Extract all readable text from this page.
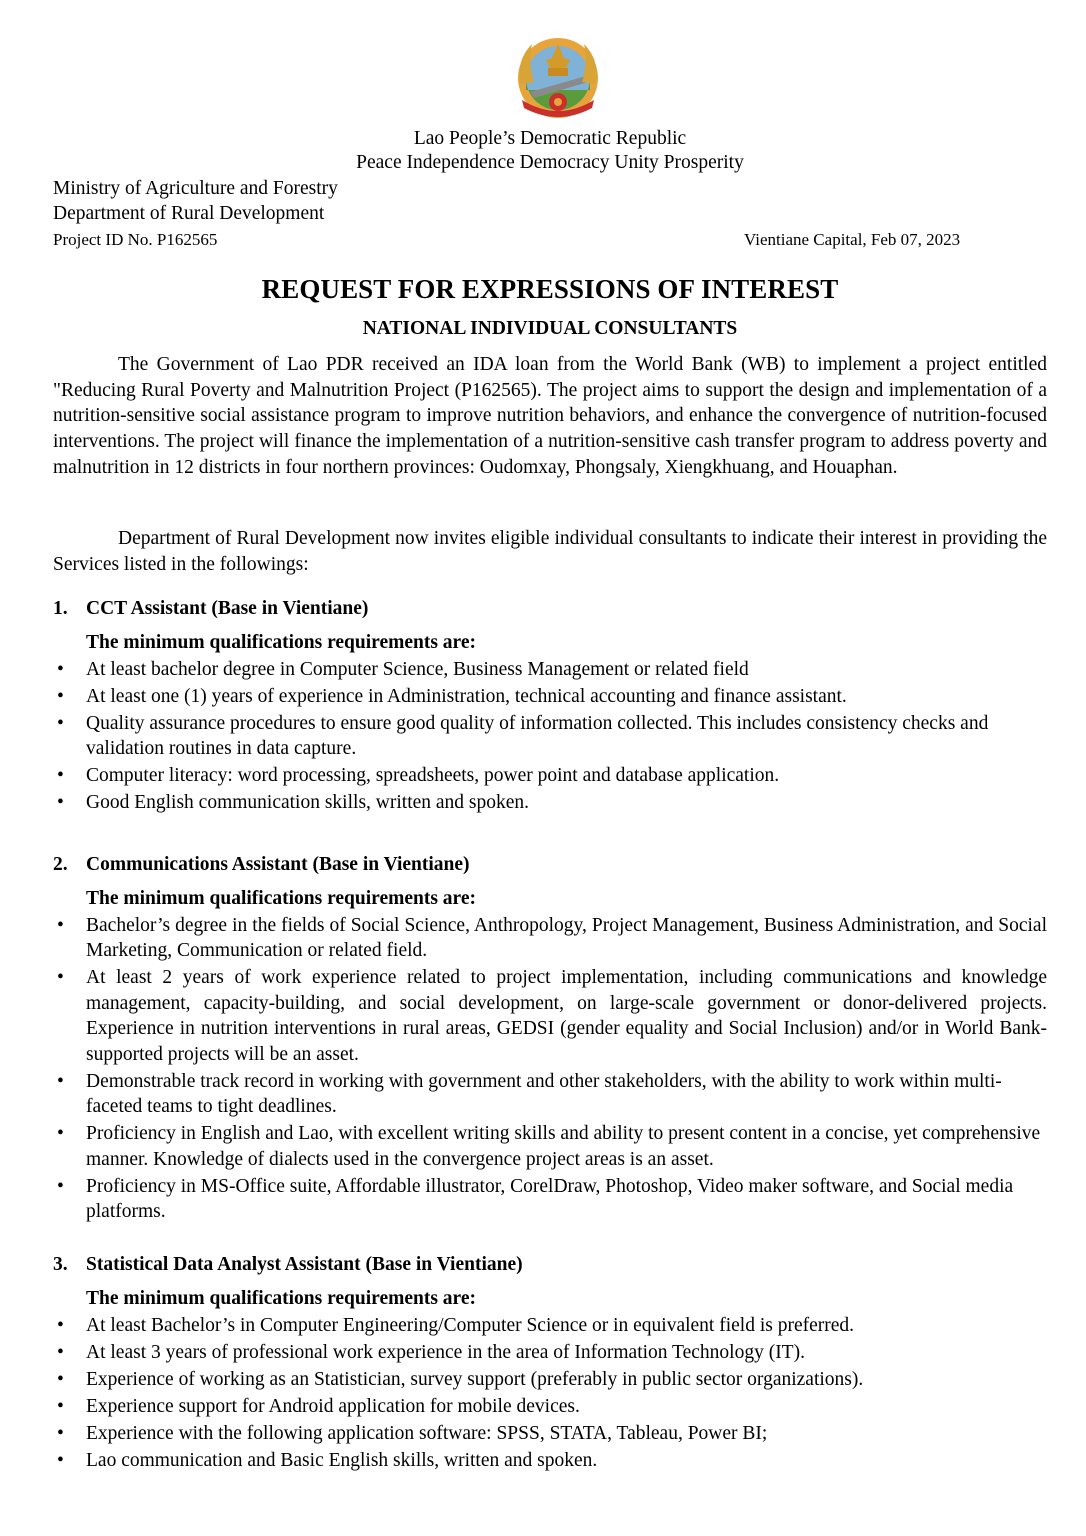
Lao People’s Democratic Republic
Peace Independence Democracy Unity Prosperity
Ministry of Agriculture and Forestry
Department of Rural Development
Project ID No. P162565	Vientiane Capital, Feb 07, 2023
REQUEST FOR EXPRESSIONS OF INTEREST
NATIONAL INDIVIDUAL CONSULTANTS
The Government of Lao PDR received an IDA loan from the World Bank (WB) to implement a project entitled "Reducing Rural Poverty and Malnutrition Project (P162565). The project aims to support the design and implementation of a nutrition-sensitive social assistance program to improve nutrition behaviors, and enhance the convergence of nutrition-focused interventions. The project will finance the implementation of a nutrition-sensitive cash transfer program to address poverty and malnutrition in 12 districts in four northern provinces: Oudomxay, Phongsaly, Xiengkhuang, and Houaphan.
Department of Rural Development now invites eligible individual consultants to indicate their interest in providing the Services listed in the followings:
1. CCT Assistant (Base in Vientiane)
The minimum qualifications requirements are:
• At least bachelor degree in Computer Science, Business Management or related field
• At least one (1) years of experience in Administration, technical accounting and finance assistant.
• Quality assurance procedures to ensure good quality of information collected. This includes consistency checks and validation routines in data capture.
• Computer literacy: word processing, spreadsheets, power point and database application.
• Good English communication skills, written and spoken.
2. Communications Assistant (Base in Vientiane)
The minimum qualifications requirements are:
• Bachelor’s degree in the fields of Social Science, Anthropology, Project Management, Business Administration, and Social Marketing, Communication or related field.
• At least 2 years of work experience related to project implementation, including communications and knowledge management, capacity-building, and social development, on large-scale government or donor-delivered projects. Experience in nutrition interventions in rural areas, GEDSI (gender equality and Social Inclusion) and/or in World Bank-supported projects will be an asset.
• Demonstrable track record in working with government and other stakeholders, with the ability to work within multi-faceted teams to tight deadlines.
• Proficiency in English and Lao, with excellent writing skills and ability to present content in a concise, yet comprehensive manner. Knowledge of dialects used in the convergence project areas is an asset.
• Proficiency in MS-Office suite, Affordable illustrator, CorelDraw, Photoshop, Video maker software, and Social media platforms.
3. Statistical Data Analyst Assistant (Base in Vientiane)
The minimum qualifications requirements are:
• At least Bachelor’s in Computer Engineering/Computer Science or in equivalent field is preferred.
• At least 3 years of professional work experience in the area of Information Technology (IT).
• Experience of working as an Statistician, survey support (preferably in public sector organizations).
• Experience support for Android application for mobile devices.
• Experience with the following application software: SPSS, STATA, Tableau, Power BI;
• Lao communication and Basic English skills, written and spoken.
